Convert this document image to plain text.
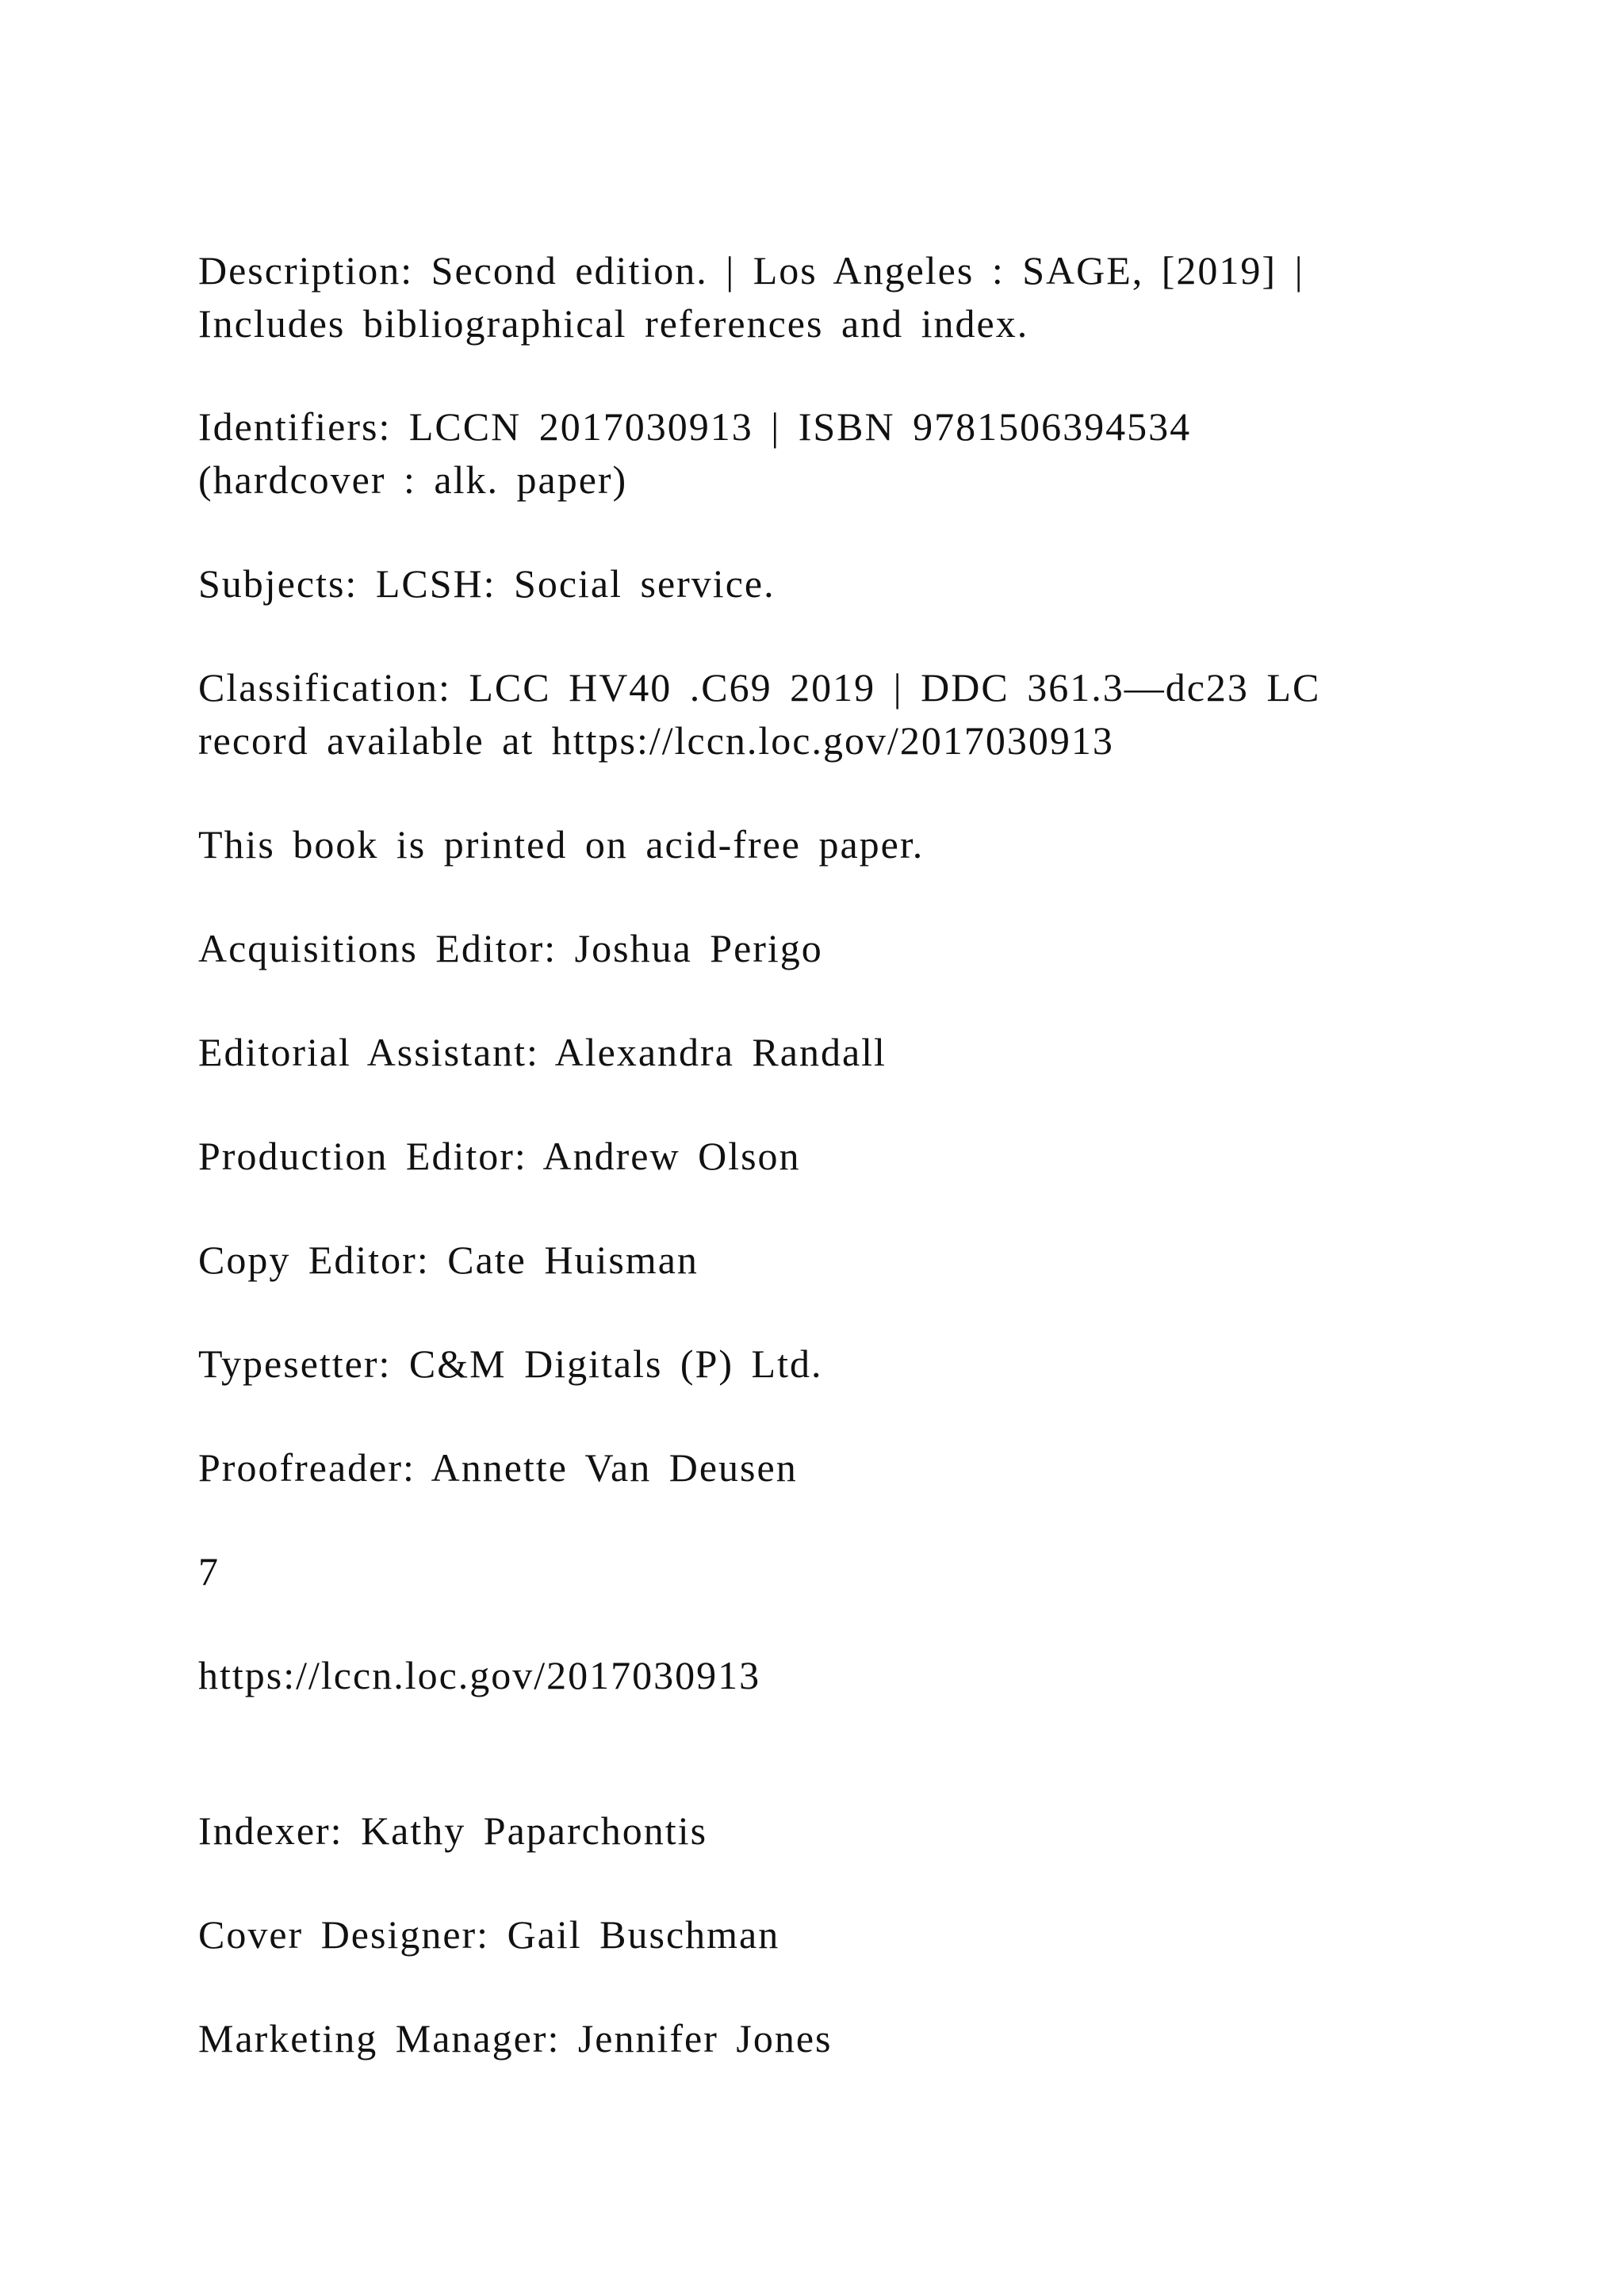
Description: Second edition. | Los Angeles : SAGE, [2019] |
Includes bibliographical references and index.
Identifiers: LCCN 2017030913 | ISBN 9781506394534
(hardcover : alk. paper)
Subjects: LCSH: Social service.
Classification: LCC HV40 .C69 2019 | DDC 361.3—dc23 LC
record available at https://lccn.loc.gov/2017030913
This book is printed on acid-free paper.
Acquisitions Editor: Joshua Perigo
Editorial Assistant: Alexandra Randall
Production Editor: Andrew Olson
Copy Editor: Cate Huisman
Typesetter: C&M Digitals (P) Ltd.
Proofreader: Annette Van Deusen
7
https://lccn.loc.gov/2017030913
Indexer: Kathy Paparchontis
Cover Designer: Gail Buschman
Marketing Manager: Jennifer Jones
